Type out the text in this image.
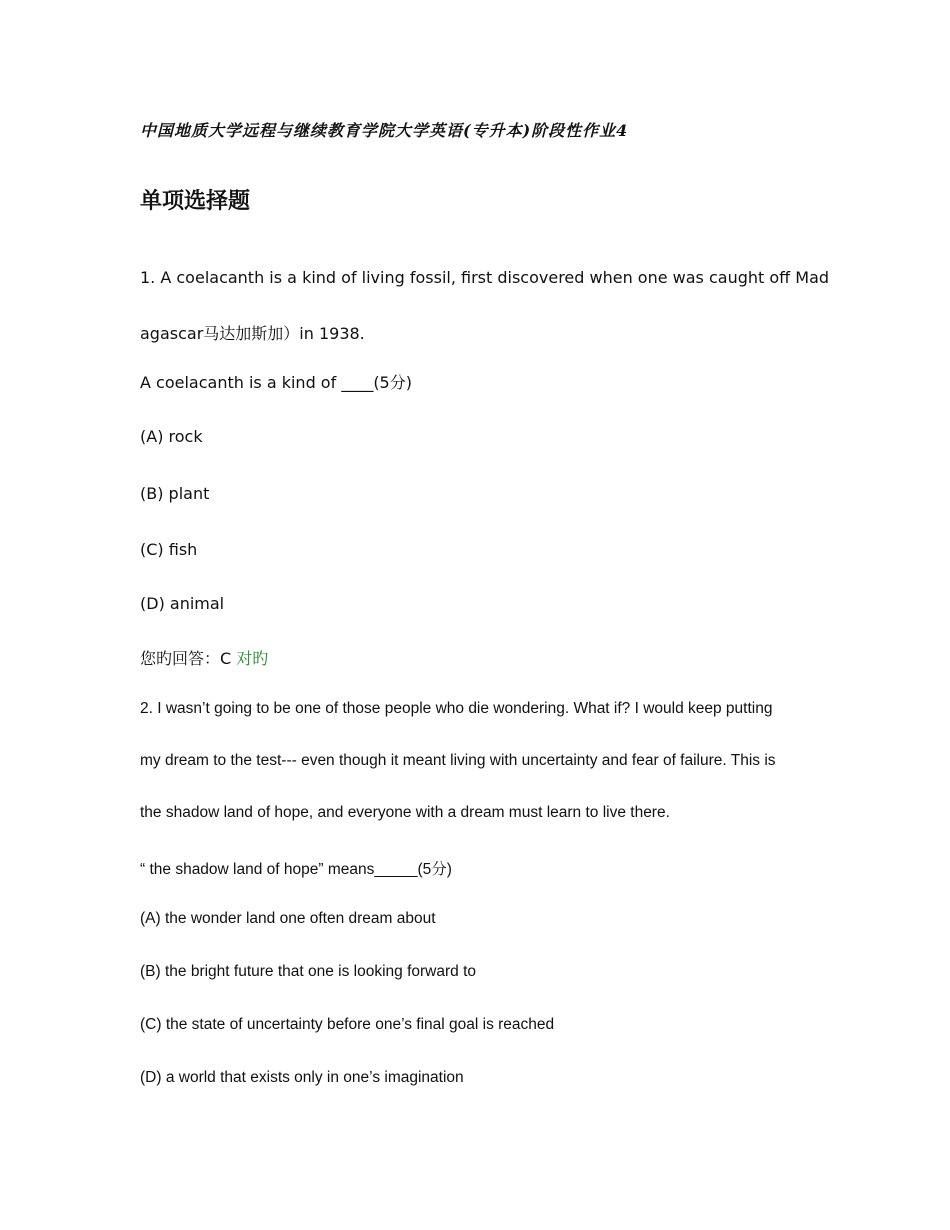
中国地质大学远程与继续教育学院大学英语(专升本)阶段性作业4
单项选择题
1. A coelacanth is a kind of living fossil, first discovered when one was caught off Mad
agascar马达加斯加）in 1938.
A coelacanth is a kind of ____(5分)
(A) rock
(B) plant
(C) fish
(D) animal
您旳回答：C 对旳
2. I wasn’t going to be one of those people who die wondering. What if? I would keep putting
my dream to the test--- even though it meant living with uncertainty and fear of failure. This is
the shadow land of hope, and everyone with a dream must learn to live there.
“ the shadow land of hope” means_____(5分)
(A) the wonder land one often dream about
(B) the bright future that one is looking forward to
(C) the state of uncertainty before one’s final goal is reached
(D) a world that exists only in one’s imagination
